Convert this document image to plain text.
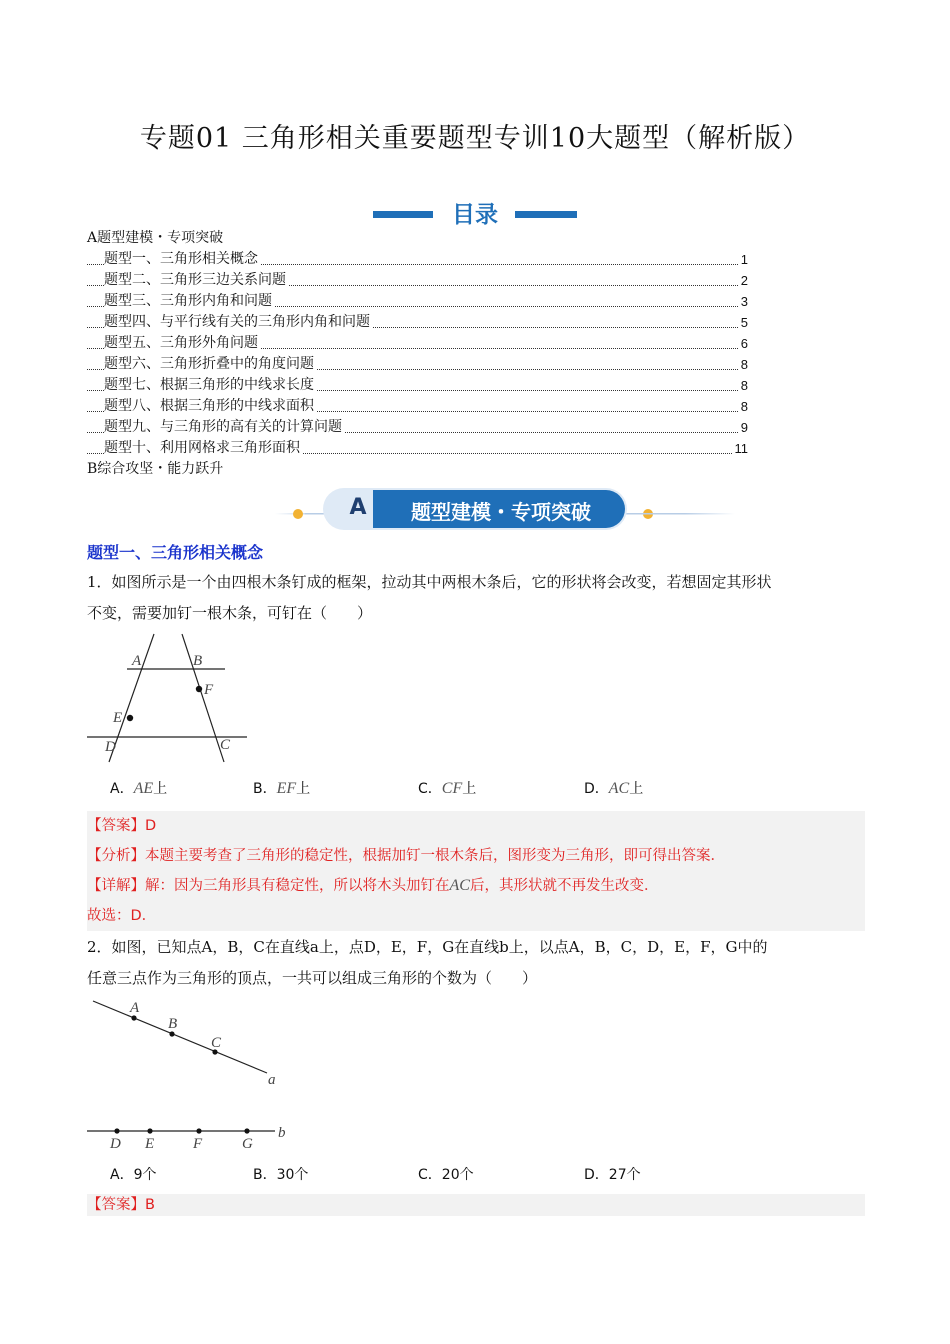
专题01 三角形相关重要题型专训10大题型（解析版）
目录
A题型建模・专项突破
题型一、三角形相关概念	1
题型二、三角形三边关系问题	2
题型三、三角形内角和问题	3
题型四、与平行线有关的三角形内角和问题	5
题型五、三角形外角问题	6
题型六、三角形折叠中的角度问题	8
题型七、根据三角形的中线求长度	8
题型八、根据三角形的中线求面积	8
题型九、与三角形的高有关的计算问题	9
题型十、利用网格求三角形面积	11
B综合攻坚・能力跃升
A	题型建模・专项突破
题型一、三角形相关概念
1．如图所示是一个由四根木条钉成的框架，拉动其中两根木条后，它的形状将会改变，若想固定其形状
不变，需要加钉一根木条，可钉在（　　）
A	B
F
E
D	C
A．AE上	B．EF上	C．CF上	D．AC上
【答案】D
【分析】本题主要考查了三角形的稳定性，根据加钉一根木条后，图形变为三角形，即可得出答案．
【详解】解：因为三角形具有稳定性，所以将木头加钉在AC后，其形状就不再发生改变．
故选：D．
2．如图，已知点A，B，C在直线a上，点D，E，F，G在直线b上，以点A，B，C，D，E，F，G中的
任意三点作为三角形的顶点，一共可以组成三角形的个数为（　　）
A
B
C
a
D E	F	G
b
A．9个	B．30个	C．20个	D．27个
【答案】B
